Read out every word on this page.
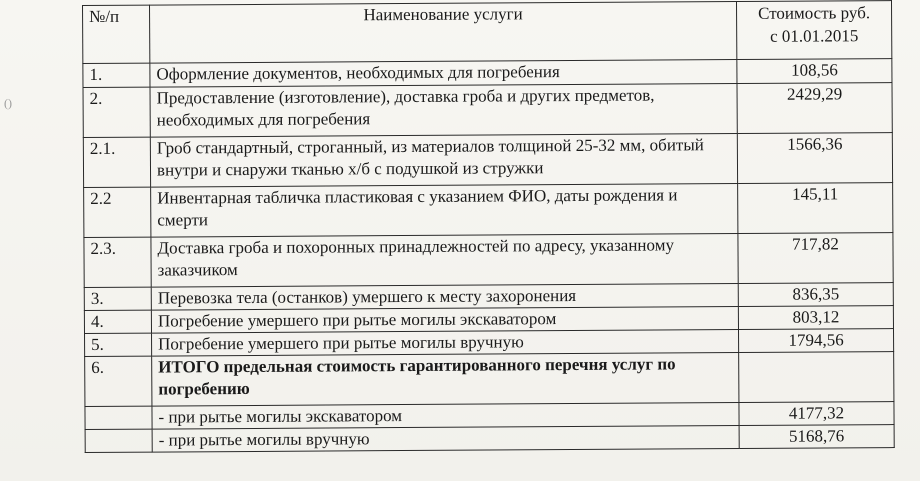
()
№/п	Наименование услуги	Стоимость руб.
с 01.01.2015

1.	Оформление документов, необходимых для погребения	108,56
2.	Предоставление (изготовление), доставка гроба и других предметов, необходимых для погребения	2429,29
2.1.	Гроб стандартный, строганный, из материалов толщиной 25-32 мм, обитый внутри и снаружи тканью х/б с подушкой из стружки	1566,36
2.2	Инвентарная табличка пластиковая с указанием ФИО, даты рождения и смерти	145,11
2.3.	Доставка гроба и похоронных принадлежностей по адресу, указанному заказчиком	717,82
3.	Перевозка тела (останков) умершего к месту захоронения	836,35
4.	Погребение умершего при рытье могилы экскаватором	803,12
5.	Погребение умершего при рытье могилы вручную	1794,56
6.	ИТОГО предельная стоимость гарантированного перечня услуг по погребению	
	- при рытье могилы экскаватором	4177,32
	- при рытье могилы вручную	5168,76
